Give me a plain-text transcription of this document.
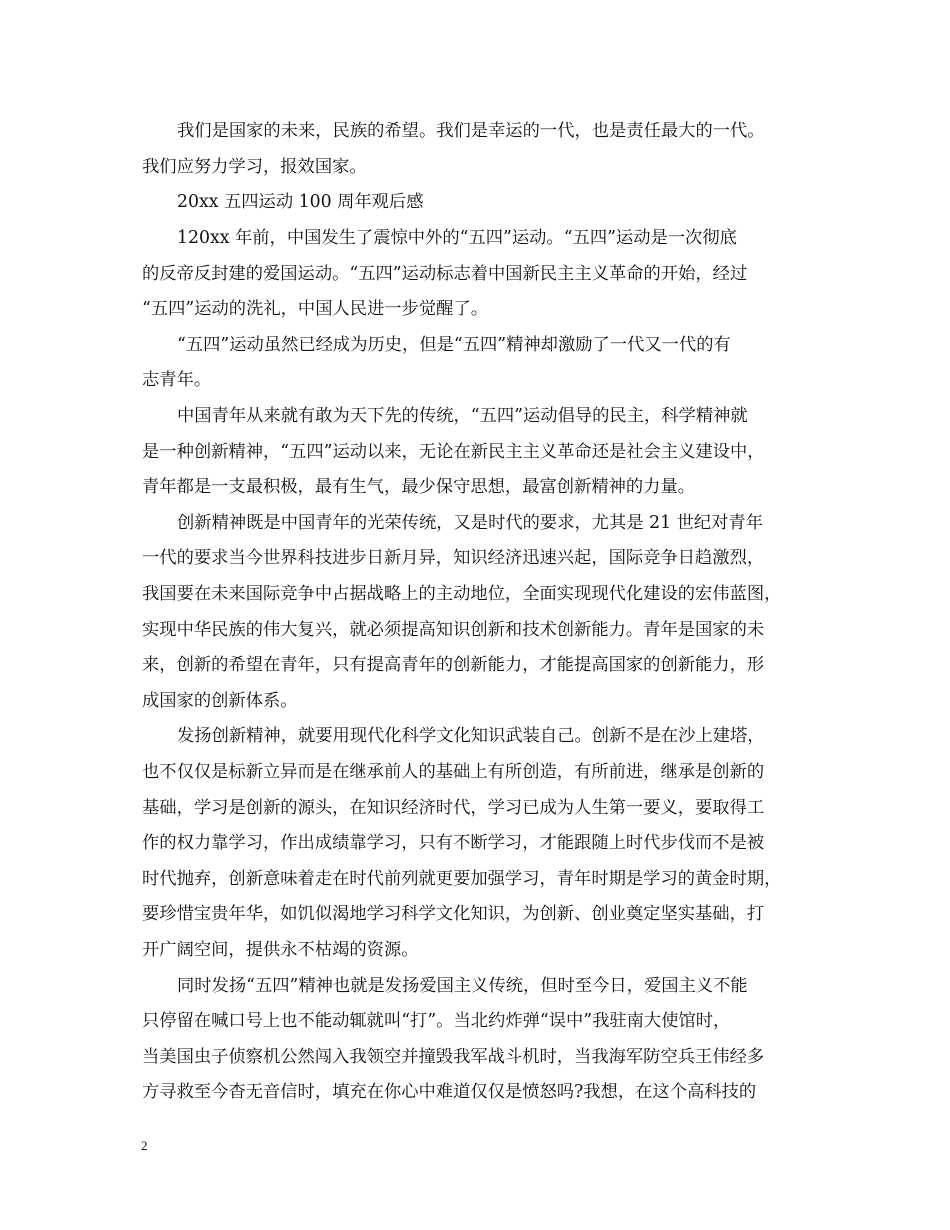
我们是国家的未来，民族的希望。我们是幸运的一代，也是责任最大的一代。
我们应努力学习，报效国家。
20xx 五四运动 100 周年观后感
120xx 年前，中国发生了震惊中外的“五四”运动。“五四”运动是一次彻底
的反帝反封建的爱国运动。“五四”运动标志着中国新民主主义革命的开始，经过
“五四”运动的洗礼，中国人民进一步觉醒了。
“五四”运动虽然已经成为历史，但是“五四”精神却激励了一代又一代的有
志青年。
中国青年从来就有敢为天下先的传统，“五四”运动倡导的民主，科学精神就
是一种创新精神，“五四”运动以来，无论在新民主主义革命还是社会主义建设中，
青年都是一支最积极，最有生气，最少保守思想，最富创新精神的力量。
创新精神既是中国青年的光荣传统，又是时代的要求，尤其是 21 世纪对青年
一代的要求当今世界科技进步日新月异，知识经济迅速兴起，国际竞争日趋激烈，
我国要在未来国际竞争中占据战略上的主动地位，全面实现现代化建设的宏伟蓝图，
实现中华民族的伟大复兴，就必须提高知识创新和技术创新能力。青年是国家的未
来，创新的希望在青年，只有提高青年的创新能力，才能提高国家的创新能力，形
成国家的创新体系。
发扬创新精神，就要用现代化科学文化知识武装自己。创新不是在沙上建塔，
也不仅仅是标新立异而是在继承前人的基础上有所创造，有所前进，继承是创新的
基础，学习是创新的源头，在知识经济时代，学习已成为人生第一要义，要取得工
作的权力靠学习，作出成绩靠学习，只有不断学习，才能跟随上时代步伐而不是被
时代抛弃，创新意味着走在时代前列就更要加强学习，青年时期是学习的黄金时期，
要珍惜宝贵年华，如饥似渴地学习科学文化知识，为创新、创业奠定坚实基础，打
开广阔空间，提供永不枯竭的资源。
同时发扬“五四”精神也就是发扬爱国主义传统，但时至今日，爱国主义不能
只停留在喊口号上也不能动辄就叫“打”。当北约炸弹“误中”我驻南大使馆时，
当美国虫子侦察机公然闯入我领空并撞毁我军战斗机时，当我海军防空兵王伟经多
方寻救至今杳无音信时，填充在你心中难道仅仅是愤怒吗?我想，在这个高科技的
2
